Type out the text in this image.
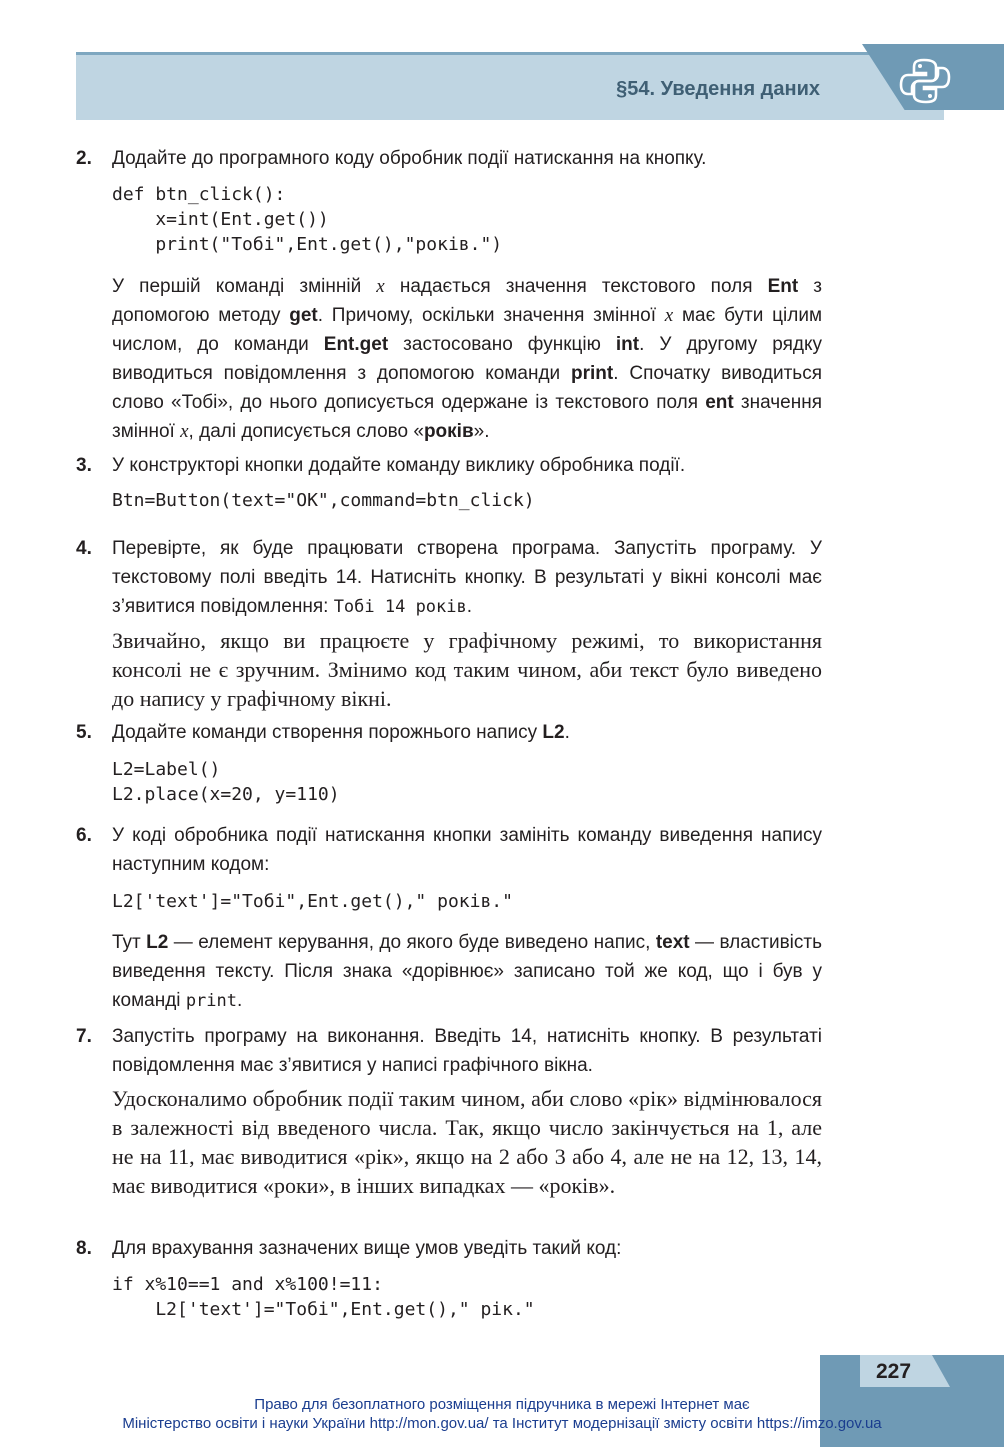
§54. Уведення даних
2. Додайте до програмного коду обробник події натискання на кнопку.
def btn_click():
x=int(Ent.get())
print("Тобі",Ent.get(),"років.")
У першій команді змінній x надається значення текстового поля Ent з допомогою методу get. Причому, оскільки значення змінної x має бути цілим числом, до команди Ent.get застосовано функцію int. У другому рядку виводиться повідомлення з допомогою команди print. Спочатку виводиться слово «Тобі», до нього дописується одержане із текстового поля ent значення змінної x, далі дописується слово «років».
3. У конструкторі кнопки додайте команду виклику обробника події.
Btn=Button(text="OK",command=btn_click)
4. Перевірте, як буде працювати створена програма. Запустіть програму. У текстовому полі введіть 14. Натисніть кнопку. В результаті у вікні консолі має з’явитися повідомлення: Тобі 14 років.
Звичайно, якщо ви працюєте у графічному режимі, то використання консолі не є зручним. Змінимо код таким чином, аби текст було виведено до напису у графічному вікні.
5. Додайте команди створення порожнього напису L2.
L2=Label()
L2.place(x=20, y=110)
6. У коді обробника події натискання кнопки замініть команду виведення напису наступним кодом:
L2['text']="Тобі",Ent.get()," років."
Тут L2 — елемент керування, до якого буде виведено напис, text — властивість виведення тексту. Після знака «дорівнює» записано той же код, що і був у команді print.
7. Запустіть програму на виконання. Введіть 14, натисніть кнопку. В результаті повідомлення має з’явитися у написі графічного вікна.
Удосконалимо обробник події таким чином, аби слово «рік» відмінювалося в залежності від введеного числа. Так, якщо число закінчується на 1, але не на 11, має виводитися «рік», якщо на 2 або 3 або 4, але не на 12, 13, 14, має виводитися «роки», в інших випадках — «років».
8. Для врахування зазначених вище умов уведіть такий код:
if x%10==1 and x%100!=11:
L2['text']="Тобі",Ent.get()," рік."
227
Право для безоплатного розміщення підручника в мережі Інтернет має
Міністерство освіти і науки України http://mon.gov.ua/ та Інститут модернізації змісту освіти https://imzo.gov.ua
